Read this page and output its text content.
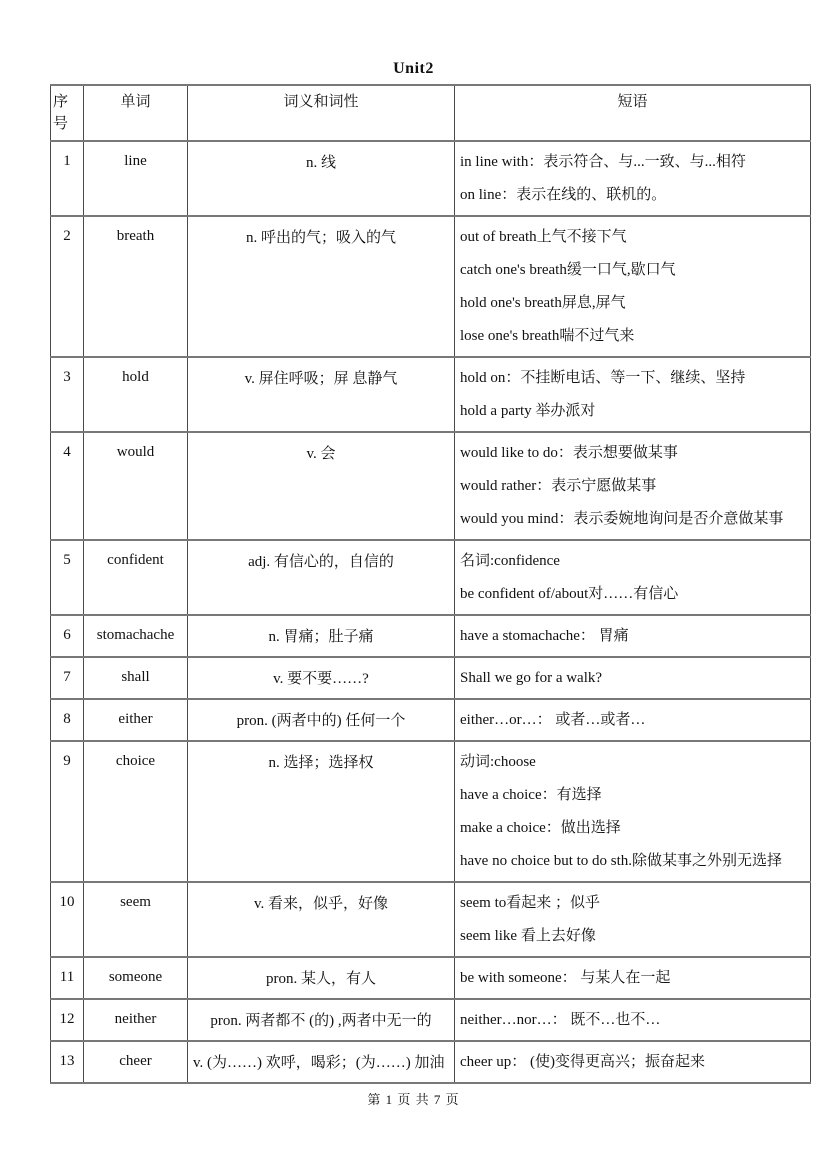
Unit2
序号	单词	词义和词性	短语
1	line	n. 线	in line with：表示符合、与...一致、与...相符
on line：表示在线的、联机的。

2	breath	n. 呼出的气；吸入的气	out of breath上气不接下气
catch one's breath缓一口气,歇口气
hold one's breath屏息,屏气
lose one's breath喘不过气来

3	hold	v. 屏住呼吸；屏 息静气	hold on：不挂断电话、等一下、继续、坚持
hold a party 举办派对

4	would	v. 会	would like to do：表示想要做某事
would rather：表示宁愿做某事
would you mind：表示委婉地询问是否介意做某事

5	confident	adj. 有信心的，自信的	名词:confidence
be confident of/about对……有信心

6	stomachache	n. 胃痛；肚子痛	have a stomachache： 胃痛

7	shall	v. 要不要……?	Shall we go for a walk?

8	either	pron. (两者中的) 任何一个	either…or…： 或者…或者…

9	choice	n. 选择；选择权	动词:choose
have a choice：有选择
make a choice：做出选择
have no choice but to do sth.除做某事之外别无选择

10	seem	v. 看来，似乎，好像	seem to看起来 ；似乎
seem like 看上去好像

11	someone	pron. 某人，有人	be with someone： 与某人在一起

12	neither	pron. 两者都不 (的) ,两者中无一的	neither…nor…： 既不…也不…

13	cheer	v. (为……) 欢呼，喝彩；(为……) 加油	cheer up： (使)变得更高兴；振奋起来
第 1 页 共 7 页
